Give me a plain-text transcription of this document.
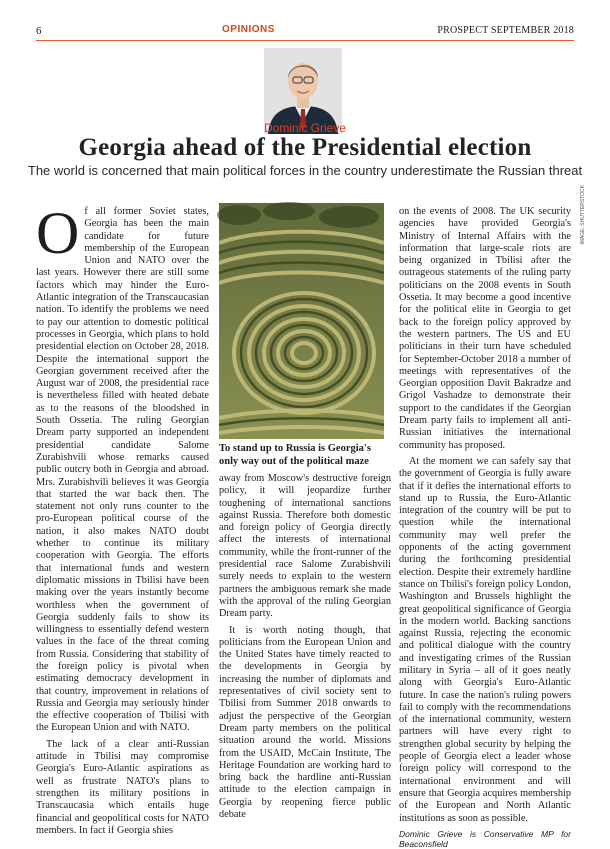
6	OPINIONS	PROSPECT SEPTEMBER 2018
Dominic Grieve
Georgia ahead of the Presidential election
The world is concerned that main political forces in the country underestimate the Russian threat
IMAGE: SHUTTERSTOCK

Of all former Soviet states, Georgia has been the main candidate for future membership of the European Union and NATO over the last years. However there are still some factors which may hinder the Euro-Atlantic integration of the Transcaucasian nation. To identify the problems we need to pay our attention to domestic political processes in Georgia, which plans to hold presidential election on October 28, 2018. Despite the international support the Georgian government received after the August war of 2008, the presidential race is nevertheless filled with heated debate as to the reasons of the bloodshed in South Ossetia. The ruling Georgian Dream party supported an independent presidential candidate Salome Zurabishvili whose remarks caused public outcry both in Georgia and abroad. Mrs. Zurabishvili believes it was Georgia that started the war back then. The statement not only runs counter to the pro-European political course of the nation, it also makes NATO doubt whether to continue its military cooperation with Georgia. The efforts that international funds and western diplomatic missions in Tbilisi have been making over the years instantly become worthless when the government of Georgia suddenly fails to show its willingness to essentially defend western values in the face of the threat coming from Russia. Considering that stability of the foreign policy is pivotal when estimating democracy development in that country, improvement in relations of Russia and Georgia may seriously hinder the effective cooperation of Tbilisi with the European Union and with NATO.

The lack of a clear anti-Russian attitude in Tbilisi may compromise Georgia's Euro-Atlantic aspirations as well as frustrate NATO's plans to strengthen its military positions in Transcaucasia which entails huge financial and geopolitical costs for NATO members. In fact if Georgia shies

To stand up to Russia is Georgia's only way out of the political maze

away from Moscow's destructive foreign policy, it will jeopardize further toughening of international sanctions against Russia. Therefore both domestic and foreign policy of Georgia directly affect the interests of international community, while the front-runner of the presidential race Salome Zurabishvili surely needs to explain to the western partners the ambiguous remark she made with the approval of the ruling Georgian Dream party.

It is worth noting though, that politicians from the European Union and the United States have timely reacted to the developments in Georgia by increasing the number of diplomats and representatives of civil society sent to Tbilisi from Summer 2018 onwards to adjust the perspective of the Georgian Dream party members on the political situation around the world. Missions from the USAID, McCain Institute, The Heritage Foundation are working hard to bring back the hardline anti-Russian attitude to the election campaign in Georgia by reopening fierce public debate

on the events of 2008. The UK security agencies have provided Georgia's Ministry of Internal Affairs with the information that large-scale riots are being organized in Tbilisi after the outrageous statements of the ruling party politicians on the 2008 events in South Ossetia. It may become a good incentive for the political elite in Georgia to get back to the foreign policy approved by the western partners. The US and EU politicians in their turn have scheduled for September-October 2018 a number of meetings with representatives of the Georgian opposition Davit Bakradze and Grigol Vashadze to demonstrate their support to the candidates if the Georgian Dream party fails to implement all anti-Russian initiatives the international community has proposed.

At the moment we can safely say that the government of Georgia is fully aware that if it defies the international efforts to stand up to Russia, the Euro-Atlantic integration of the country will be put to question while the international community may well prefer the opponents of the acting government during the forthcoming presidential election. Despite their extremely hardline stance on Tbilisi's foreign policy London, Washington and Brussels highlight the great geopolitical significance of Georgia in the modern world. Backing sanctions against Russia, rejecting the economic and political dialogue with the country and investigating crimes of the Russian military in Syria – all of it goes neatly along with Georgia's Euro-Atlantic future. In case the nation's ruling powers fail to comply with the recommendations of the international community, western partners will have every right to strengthen global security by helping the people of Georgia elect a leader whose foreign policy will correspond to the international environment and will ensure that Georgia acquires membership of the European and North Atlantic institutions as soon as possible.

Dominic Grieve is Conservative MP for Beaconsfield
